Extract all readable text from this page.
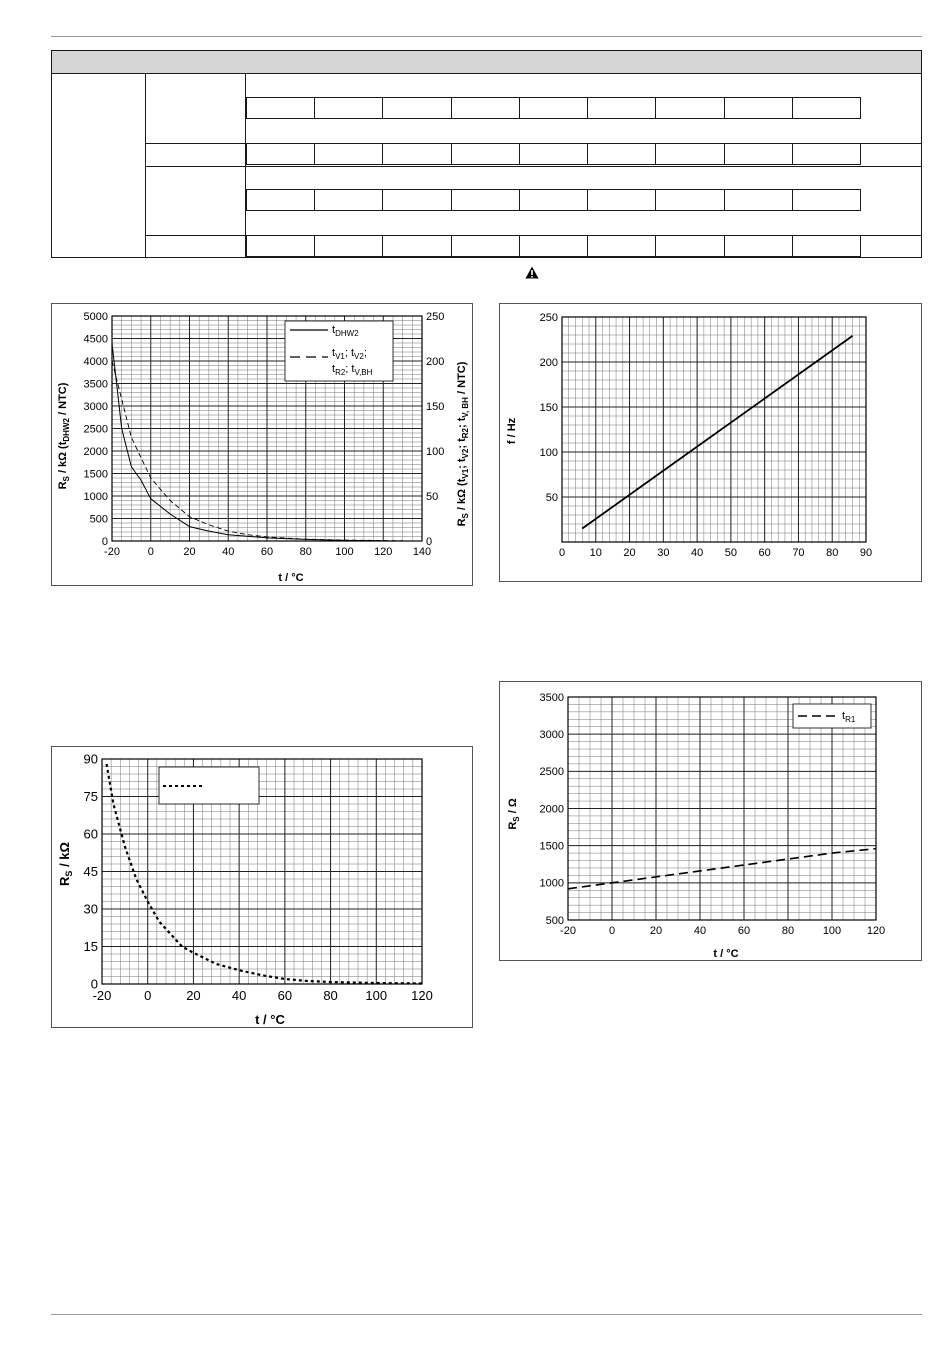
-20	0	20 40 60 80 100 120 140
0
500
1000
1500
2000
2500
3000
3500
4000
4500
5000
0
50
100
150
200
250
$t_{DHW2}$
$t_{V1}$; $t_{V2}$;
$t_{R2}$; $t_{V,BH}$
t / °C
$R_S$ / kΩ $(t_{DHW2} / NTC)$
$R_S$ / kΩ ($t_{V1}$; $t_{V2}$; $t_{R2}$; $t_{V, BH} / NTC$)
0 10 20 30 40 50 60 70 80 90
50
100
150
200
250
f / Hz
-20	0	20 40 60 80 100 120
0
15
30
45
60
75
90
t / °C
$R_S$ / kΩ
-20	0	20	40	60	80	100 120
500
1000
1500
2000
2500
3000
3500
$t_{R1}$
t / °C
$R_S$ / Ω
